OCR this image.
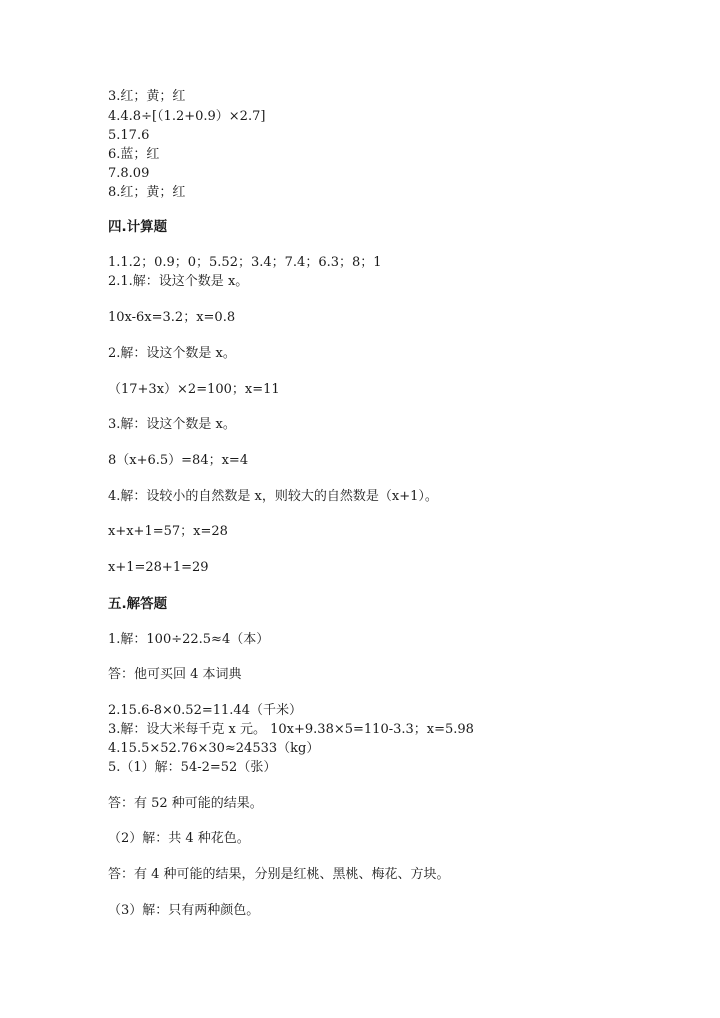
3.红；黄；红
4.4.8÷[（1.2+0.9）×2.7]
5.17.6
6.蓝；红
7.8.09
8.红；黄；红
四.计算题
1.1.2；0.9；0；5.52；3.4；7.4；6.3；8；1
2.1.解：设这个数是 x。
10x-6x=3.2；x=0.8
2.解：设这个数是 x。
（17+3x）×2=100；x=11
3.解：设这个数是 x。
8（x+6.5）=84；x=4
4.解：设较小的自然数是 x，则较大的自然数是（x+1）。
x+x+1=57；x=28
x+1=28+1=29
五.解答题
1.解：100÷22.5≈4（本）
答：他可买回 4 本词典
2.15.6-8×0.52=11.44（千米）
3.解：设大米每千克 x 元。 10x+9.38×5=110-3.3；x=5.98
4.15.5×52.76×30≈24533（kg）
5.（1）解：54-2=52（张）
答：有 52 种可能的结果。
（2）解：共 4 种花色。
答：有 4 种可能的结果，分别是红桃、黑桃、梅花、方块。
（3）解：只有两种颜色。
